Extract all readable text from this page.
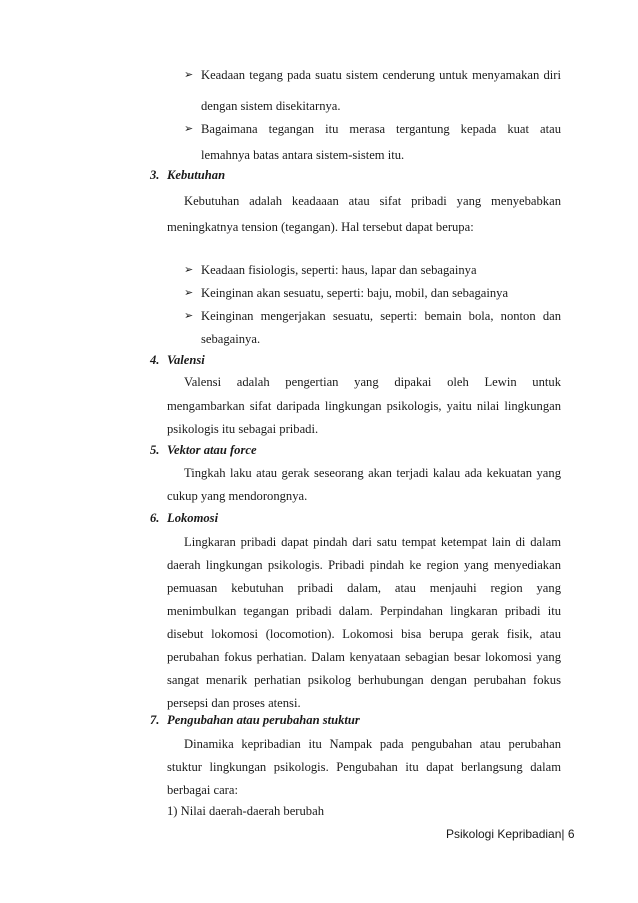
➢ Keadaan tegang pada suatu sistem cenderung untuk menyamakan diri
dengan sistem disekitarnya.
➢ Bagaimana tegangan itu merasa tergantung kepada kuat atau
lemahnya batas antara sistem-sistem itu.
3. Kebutuhan
Kebutuhan adalah keadaaan atau sifat pribadi yang menyebabkan
meningkatnya tension (tegangan). Hal tersebut dapat berupa:
➢ Keadaan fisiologis, seperti: haus, lapar dan sebagainya
➢ Keinginan akan sesuatu, seperti: baju, mobil, dan sebagainya
➢ Keinginan mengerjakan sesuatu, seperti: bemain bola, nonton dan
sebagainya.
4. Valensi
Valensi adalah pengertian yang dipakai oleh Lewin untuk
mengambarkan sifat daripada lingkungan psikologis, yaitu nilai lingkungan
psikologis itu sebagai pribadi.
5. Vektor atau force
Tingkah laku atau gerak seseorang akan terjadi kalau ada kekuatan yang
cukup yang mendorongnya.
6. Lokomosi
Lingkaran pribadi dapat pindah dari satu tempat ketempat lain di dalam
daerah lingkungan psikologis. Pribadi pindah ke region yang menyediakan
pemuasan kebutuhan pribadi dalam, atau menjauhi region yang
menimbulkan tegangan pribadi dalam. Perpindahan lingkaran pribadi itu
disebut lokomosi (locomotion). Lokomosi bisa berupa gerak fisik, atau
perubahan fokus perhatian. Dalam kenyataan sebagian besar lokomosi yang
sangat menarik perhatian psikolog berhubungan dengan perubahan fokus
persepsi dan proses atensi.
7. Pengubahan atau perubahan stuktur
Dinamika kepribadian itu Nampak pada pengubahan atau perubahan
stuktur lingkungan psikologis. Pengubahan itu dapat berlangsung dalam
berbagai cara:
1) Nilai daerah-daerah berubah
Psikologi Kepribadian| 6
